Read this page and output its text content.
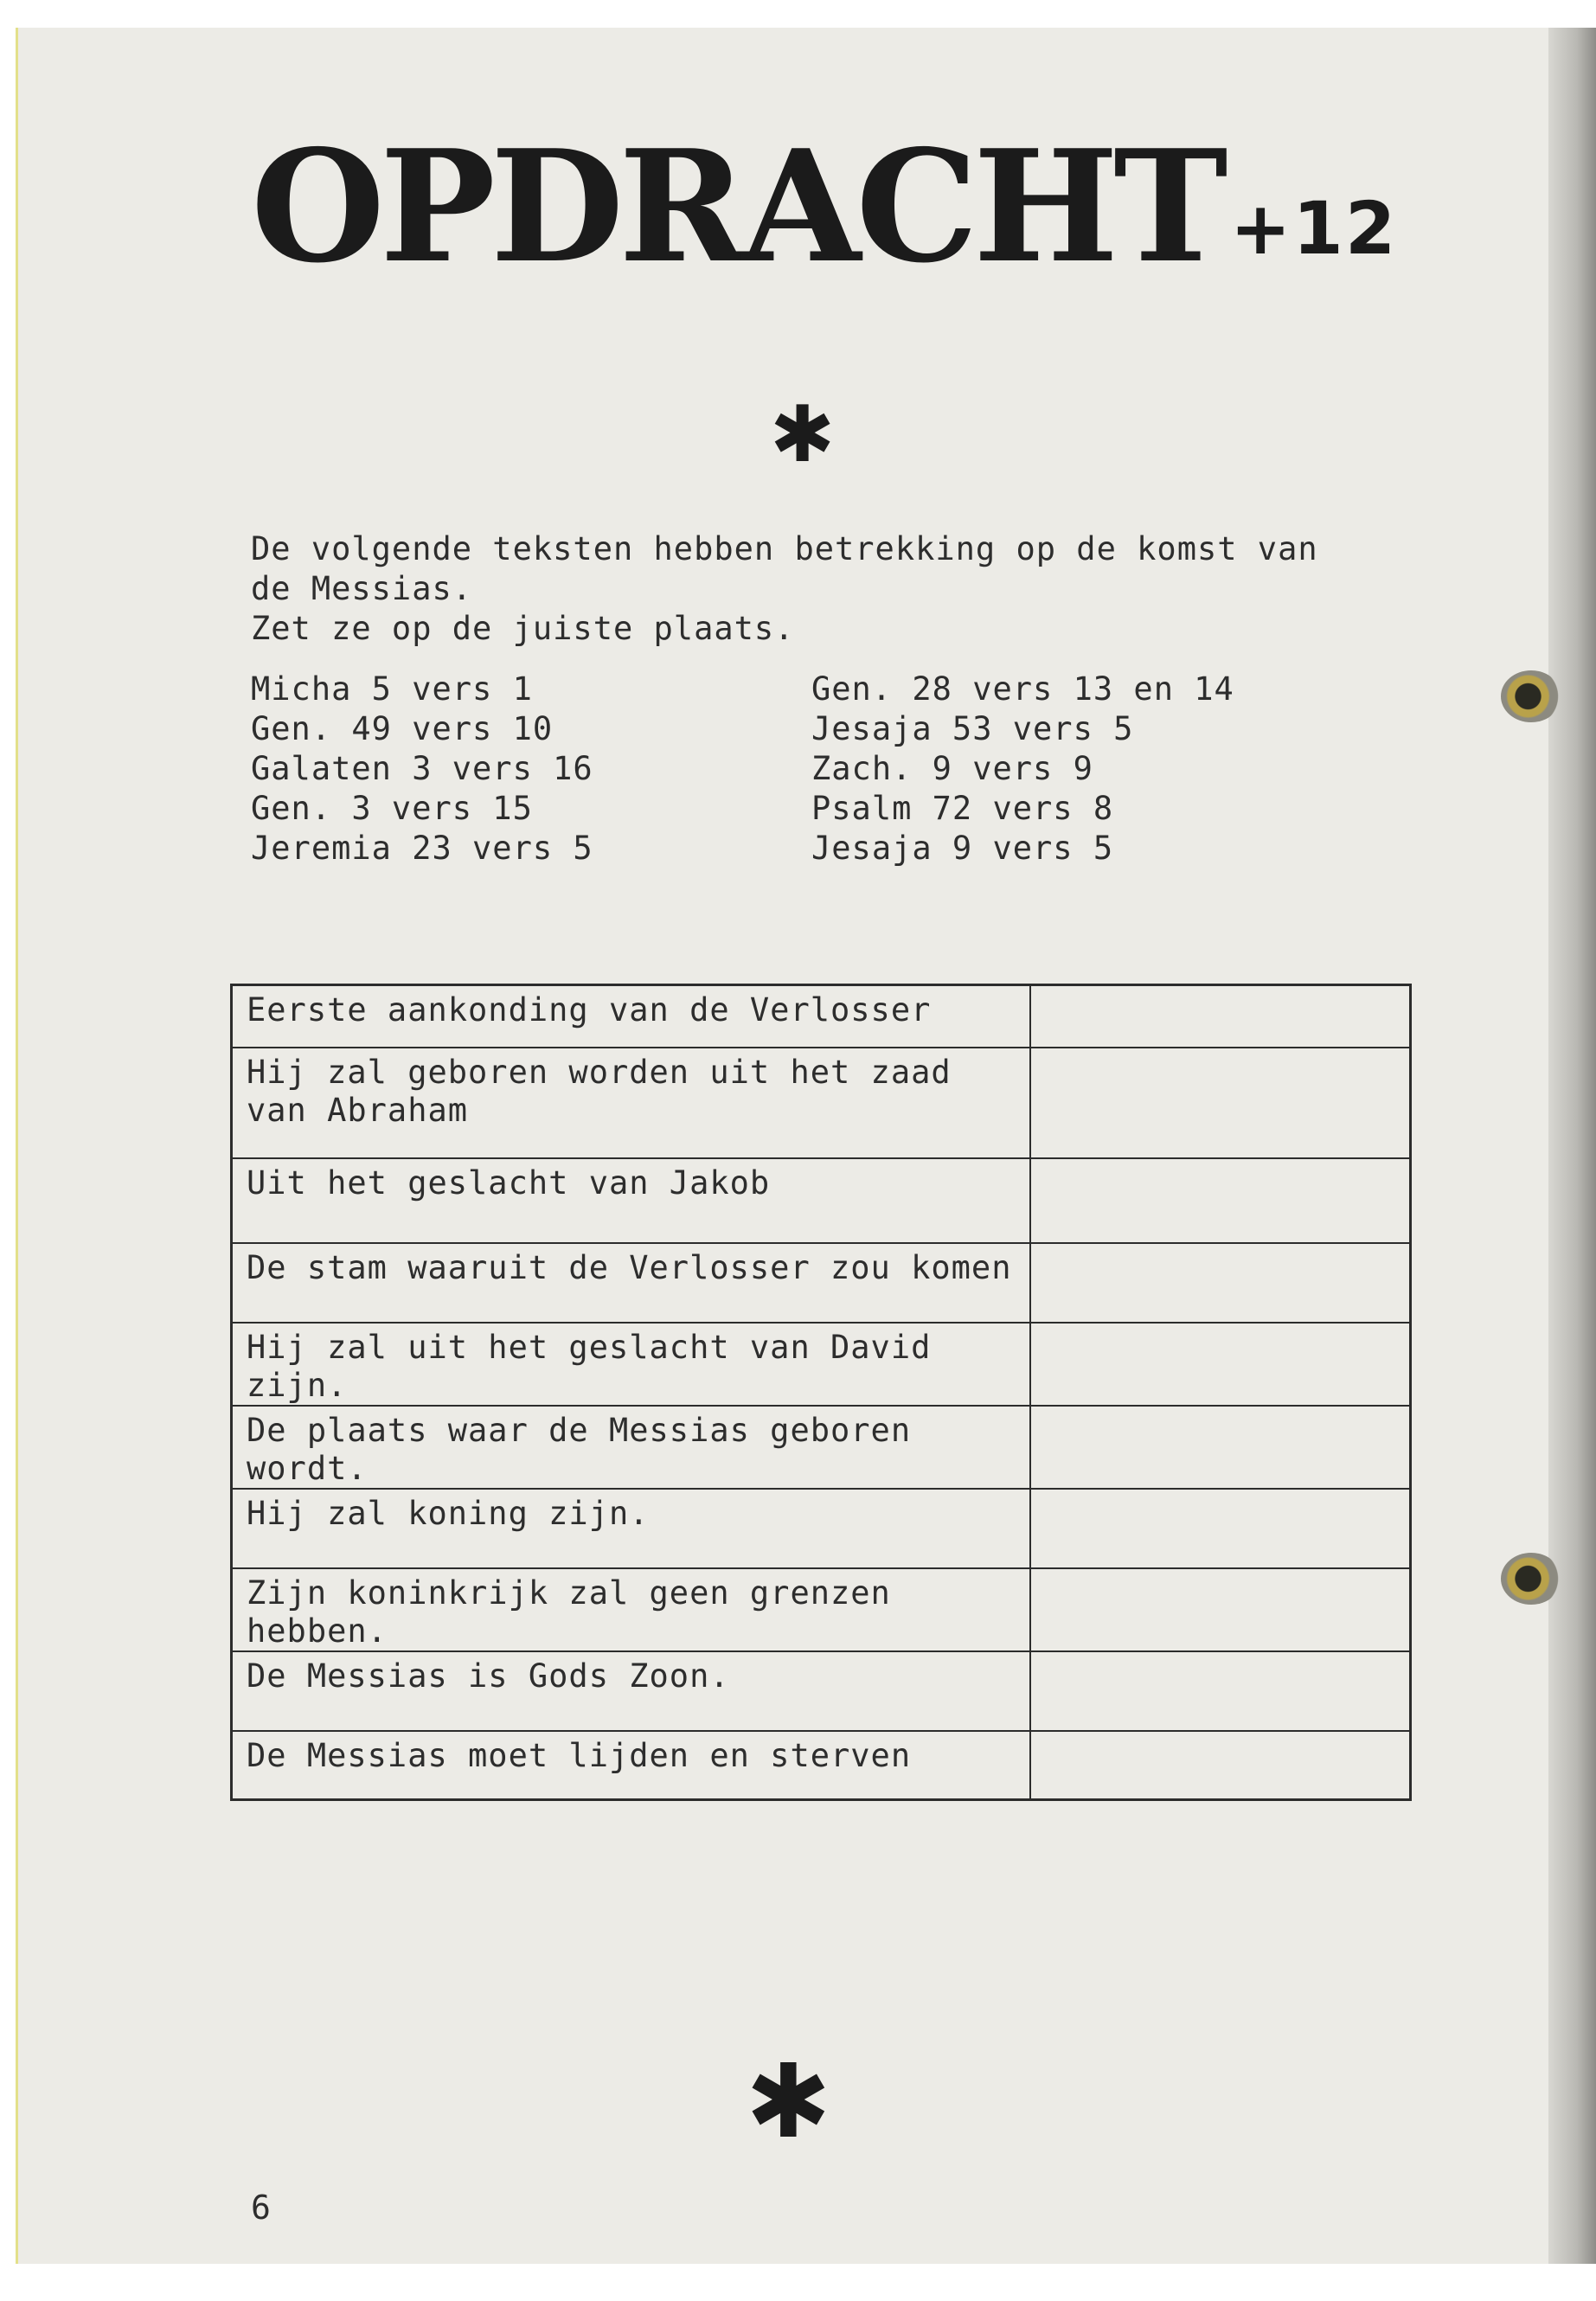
OPDRACHT +12
✱
De volgende teksten hebben betrekking op de komst van
de Messias.
Zet ze op de juiste plaats.
Micha 5 vers 1
Gen. 49 vers 10
Galaten 3 vers 16
Gen. 3 vers 15
Jeremia 23 vers 5
Gen. 28 vers 13 en 14
Jesaja 53 vers 5
Zach. 9 vers 9
Psalm 72 vers 8
Jesaja 9 vers 5
Eerste aankonding van de Verlosser	
Hij zal geboren worden uit het zaad van Abraham	
Uit het geslacht van Jakob	
De stam waaruit de Verlosser zou komen	
Hij zal uit het geslacht van David zijn.	
De plaats waar de Messias geboren wordt.	
Hij zal koning zijn.	
Zijn koninkrijk zal geen grenzen hebben.	
De Messias is Gods Zoon.	
De Messias moet lijden en sterven	
✱
6
